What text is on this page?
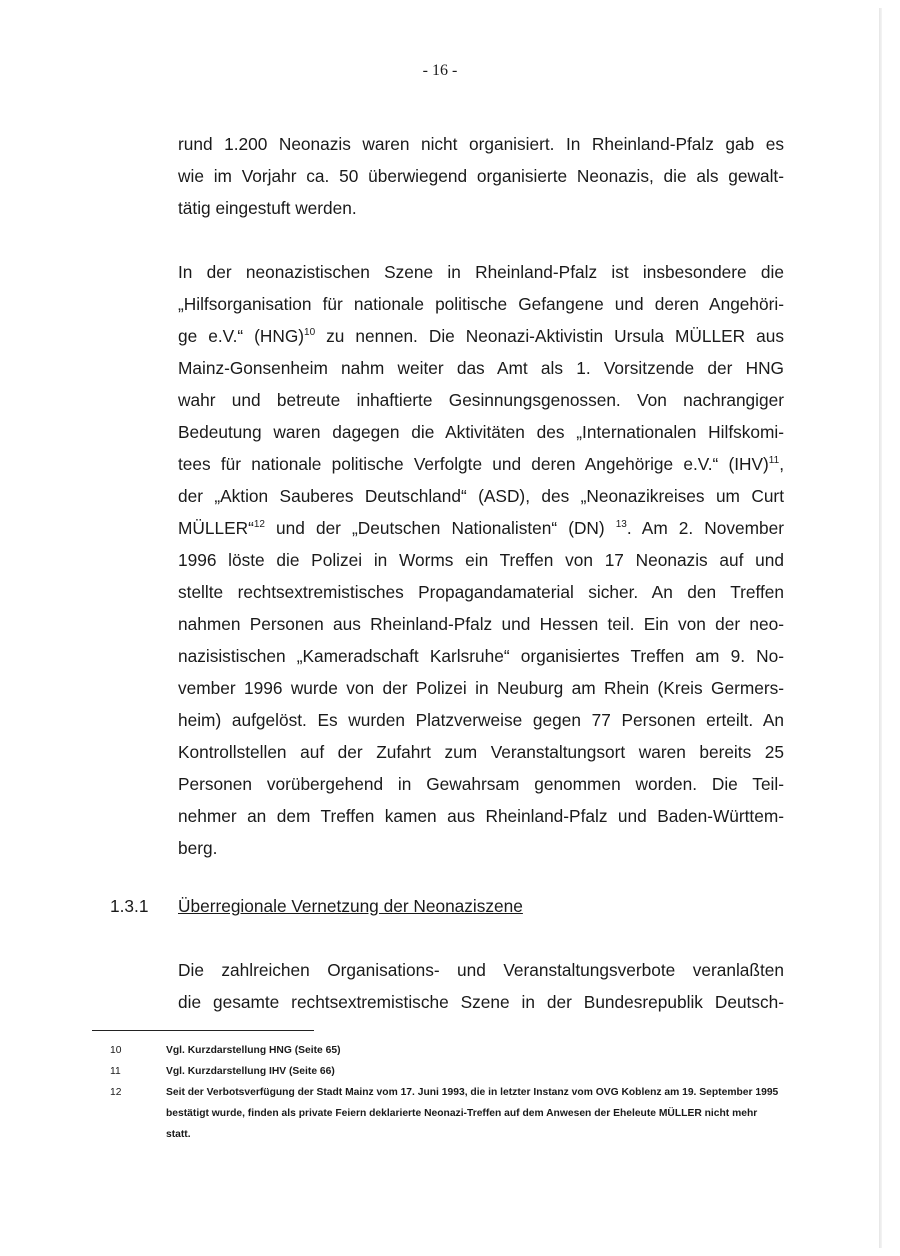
- 16 -
rund 1.200 Neonazis waren nicht organisiert. In Rheinland-Pfalz gab es
wie im Vorjahr ca. 50 überwiegend organisierte Neonazis, die als gewalt-
tätig eingestuft werden.
In der neonazistischen Szene in Rheinland-Pfalz ist insbesondere die
„Hilfsorganisation für nationale politische Gefangene und deren Angehöri-
ge e.V.“ (HNG)$^{10}$ zu nennen. Die Neonazi-Aktivistin Ursula MÜLLER aus
Mainz-Gonsenheim nahm weiter das Amt als 1. Vorsitzende der HNG
wahr und betreute inhaftierte Gesinnungsgenossen. Von nachrangiger
Bedeutung waren dagegen die Aktivitäten des „Internationalen Hilfskomi-
tees für nationale politische Verfolgte und deren Angehörige e.V.“ (IHV)$^{11}$,
der „Aktion Sauberes Deutschland“ (ASD), des „Neonazikreises um Curt
MÜLLER“$^{12}$ und der „Deutschen Nationalisten“ (DN) $^{13}$. Am 2. November
1996 löste die Polizei in Worms ein Treffen von 17 Neonazis auf und
stellte rechtsextremistisches Propagandamaterial sicher. An den Treffen
nahmen Personen aus Rheinland-Pfalz und Hessen teil. Ein von der neo-
nazisistischen „Kameradschaft Karlsruhe“ organisiertes Treffen am 9. No-
vember 1996 wurde von der Polizei in Neuburg am Rhein (Kreis Germers-
heim) aufgelöst. Es wurden Platzverweise gegen 77 Personen erteilt. An
Kontrollstellen auf der Zufahrt zum Veranstaltungsort waren bereits 25
Personen vorübergehend in Gewahrsam genommen worden. Die Teil-
nehmer an dem Treffen kamen aus Rheinland-Pfalz und Baden-Württem-
berg.
1.3.1 Überregionale Vernetzung der Neonaziszene
Die zahlreichen Organisations- und Veranstaltungsverbote veranlaßten
die gesamte rechtsextremistische Szene in der Bundesrepublik Deutsch-
10	Vgl. Kurzdarstellung HNG (Seite 65)
11	Vgl. Kurzdarstellung IHV (Seite 66)
12	Seit der Verbotsverfügung der Stadt Mainz vom 17. Juni 1993, die in letzter Instanz vom OVG Koblenz am 19. September 1995 bestätigt wurde, finden als private Feiern deklarierte Neonazi-Treffen auf dem Anwesen der Eheleute MÜLLER nicht mehr statt.
